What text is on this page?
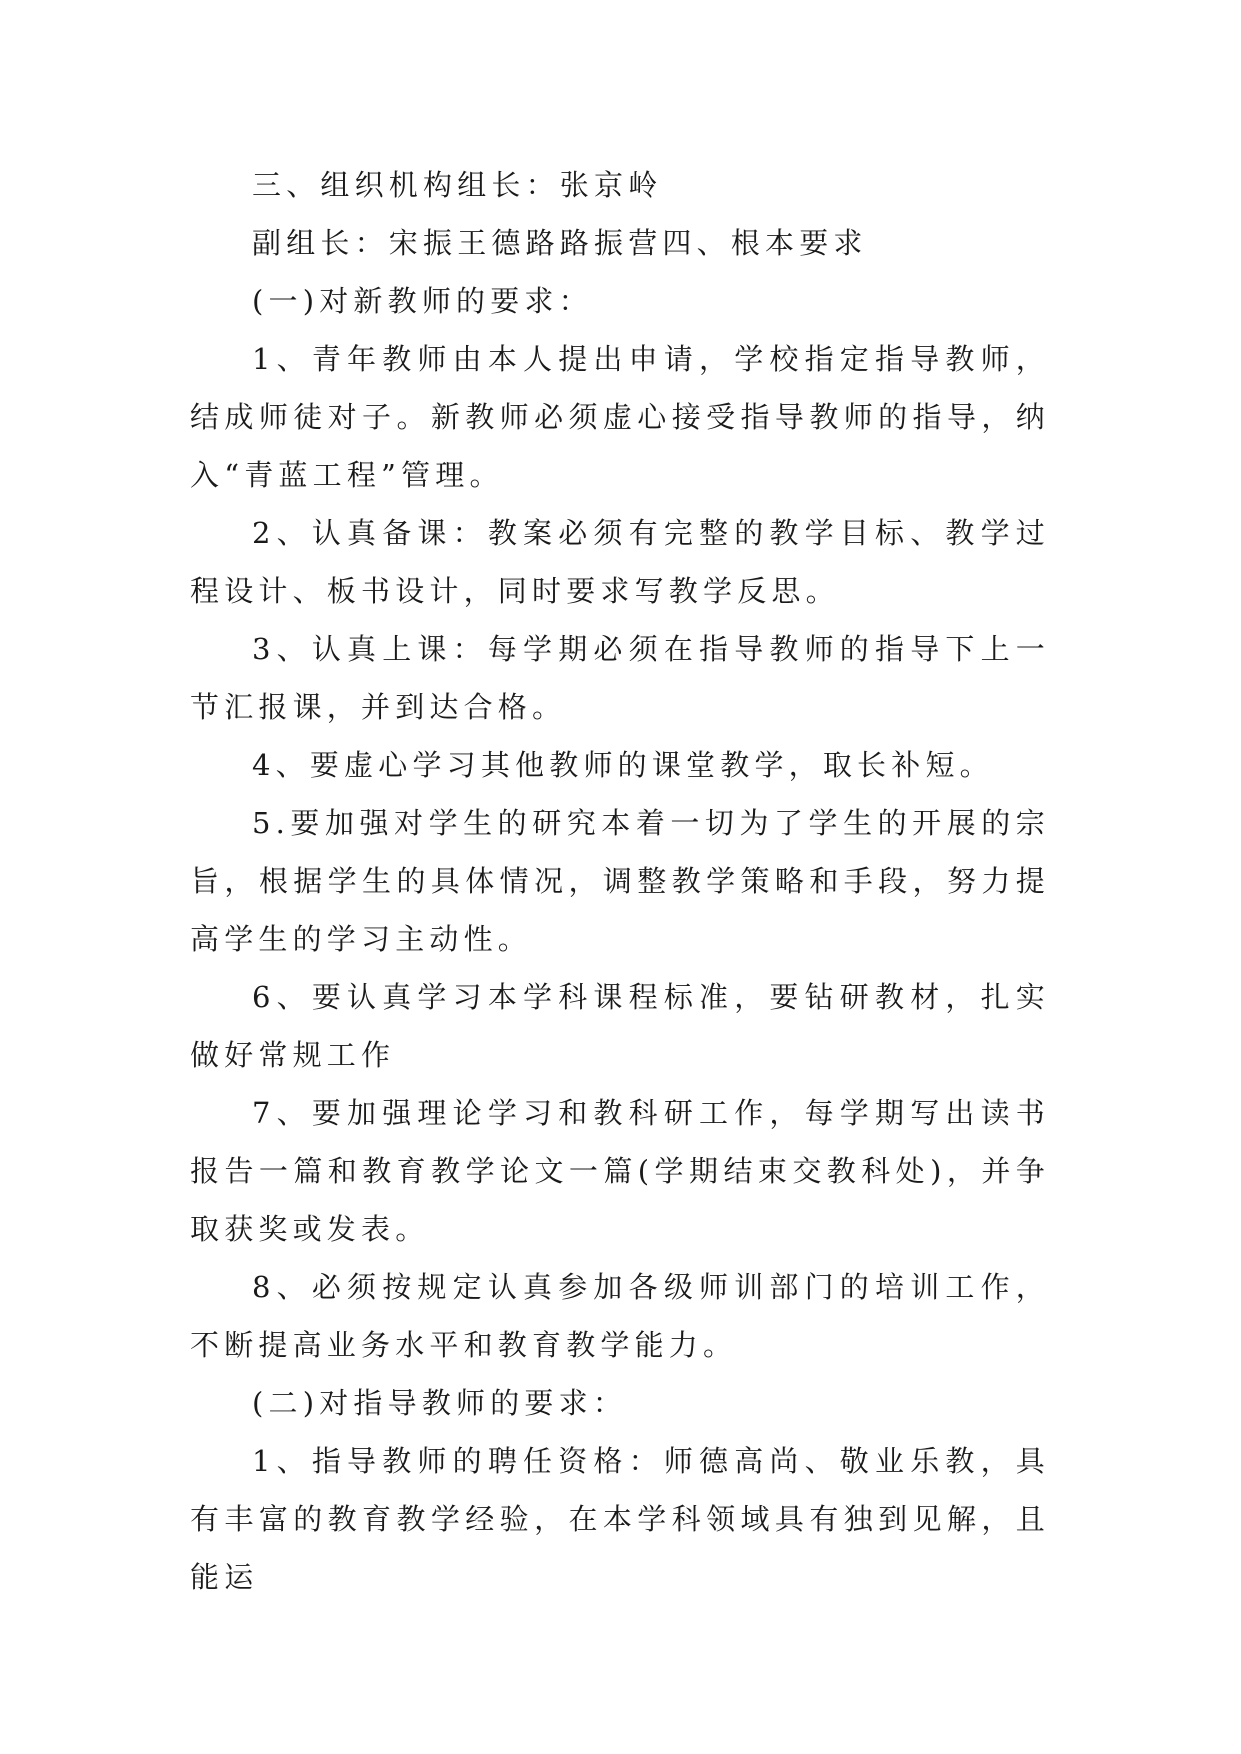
三、组织机构组长：张京岭

副组长：宋振王德路路振营四、根本要求

(一)对新教师的要求：

1、青年教师由本人提出申请，学校指定指导教师，结成师徒对子。新教师必须虚心接受指导教师的指导，纳入“青蓝工程”管理。

2、认真备课：教案必须有完整的教学目标、教学过程设计、板书设计，同时要求写教学反思。

3、认真上课：每学期必须在指导教师的指导下上一节汇报课，并到达合格。

4、要虚心学习其他教师的课堂教学，取长补短。

5.要加强对学生的研究本着一切为了学生的开展的宗旨，根据学生的具体情况，调整教学策略和手段，努力提高学生的学习主动性。

6、要认真学习本学科课程标准，要钻研教材，扎实做好常规工作

7、要加强理论学习和教科研工作，每学期写出读书报告一篇和教育教学论文一篇(学期结束交教科处)，并争取获奖或发表。

8、必须按规定认真参加各级师训部门的培训工作，不断提高业务水平和教育教学能力。

(二)对指导教师的要求：

1、指导教师的聘任资格：师德高尚、敬业乐教，具有丰富的教育教学经验，在本学科领域具有独到见解，且能运
